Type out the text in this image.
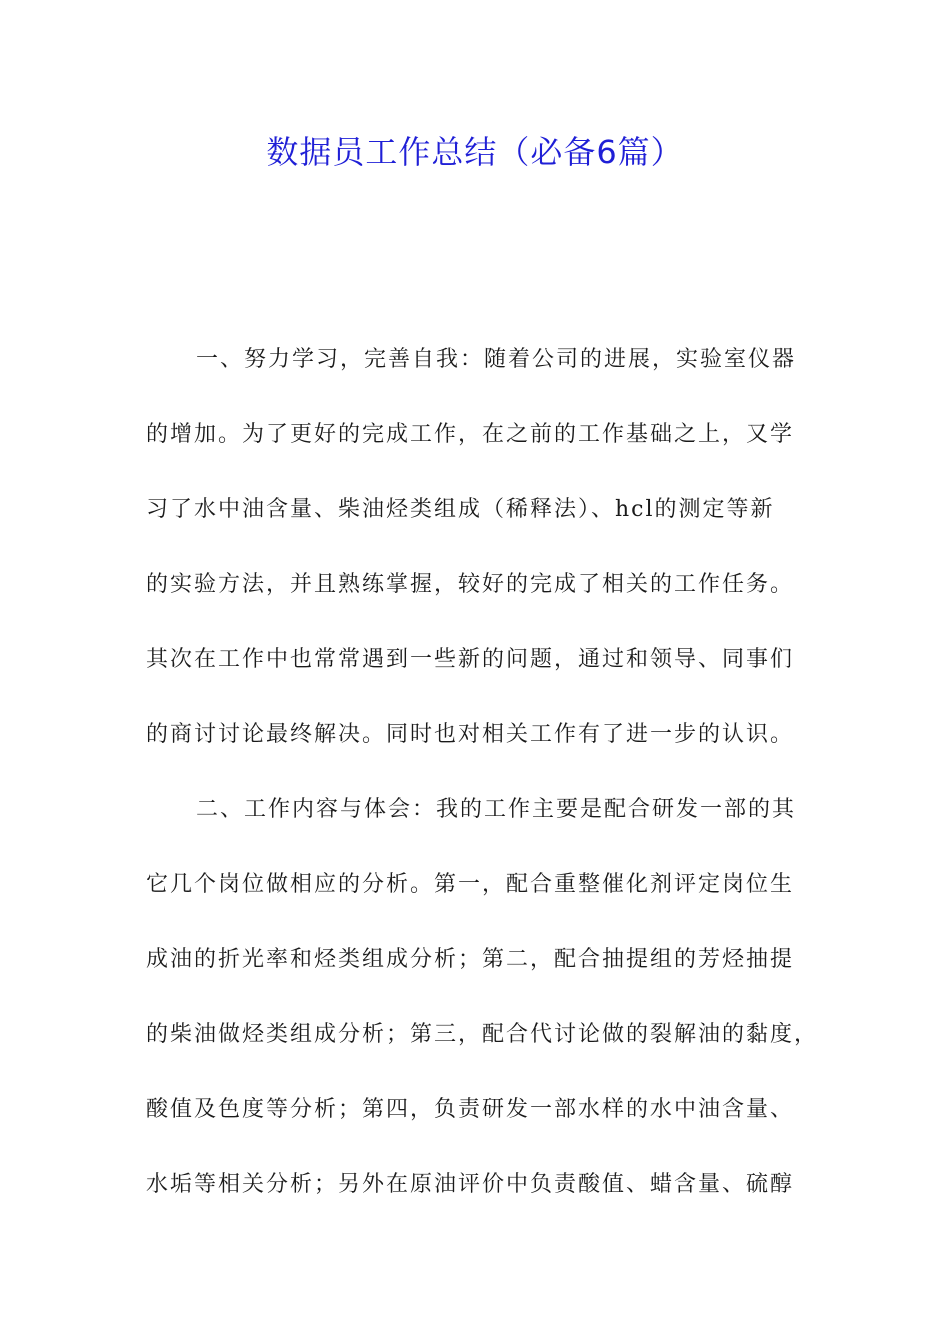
数据员工作总结（必备6篇）
一、努力学习，完善自我：随着公司的进展，实验室仪器
的增加。为了更好的完成工作，在之前的工作基础之上，又学
习了水中油含量、柴油烃类组成（稀释法）、hcl的测定等新
的实验方法，并且熟练掌握，较好的完成了相关的工作任务。
其次在工作中也常常遇到一些新的问题，通过和领导、同事们
的商讨讨论最终解决。同时也对相关工作有了进一步的认识。
二、工作内容与体会：我的工作主要是配合研发一部的其
它几个岗位做相应的分析。第一，配合重整催化剂评定岗位生
成油的折光率和烃类组成分析；第二，配合抽提组的芳烃抽提
的柴油做烃类组成分析；第三，配合代讨论做的裂解油的黏度，
酸值及色度等分析；第四，负责研发一部水样的水中油含量、
水垢等相关分析；另外在原油评价中负责酸值、蜡含量、硫醇
